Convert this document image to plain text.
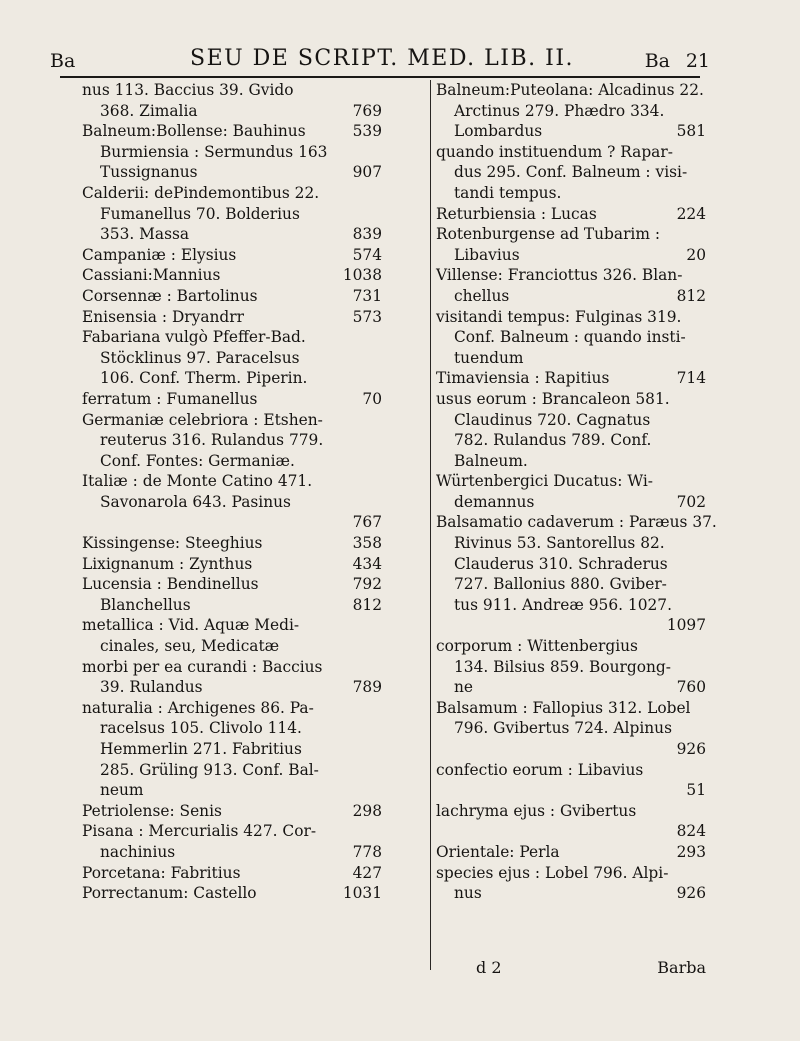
Ba	SEU DE SCRIPT. MED. LIB. II.	Ba 21
nus 113. Baccius 39. Gvido
368. Zimalia	769
Balneum:Bollense: Bauhinus	539
Burmiensia : Sermundus 163
Tussignanus	907
Calderii: dePindemontibus 22.
Fumanellus 70. Bolderius
353. Massa	839
Campaniæ : Elysius	574
Cassiani:Mannius	1038
Corsennæ : Bartolinus	731
Enisensia : Dryandrr	573
Fabariana vulgò Pfeffer-Bad.
Stöcklinus 97. Paracelsus
106. Conf. Therm. Piperin.
ferratum : Fumanellus	70
Germaniæ celebriora : Etshen-
reuterus 316. Rulandus 779.
Conf. Fontes: Germaniæ.
Italiæ : de Monte Catino 471.
Savonarola 643. Pasinus
767
Kissingense: Steeghius	358
Lixignanum : Zynthus	434
Lucensia : Bendinellus	792
Blanchellus	812
metallica : Vid. Aquæ Medi-
cinales, seu, Medicatæ
morbi per ea curandi : Baccius
39. Rulandus	789
naturalia : Archigenes 86. Pa-
racelsus 105. Clivolo 114.
Hemmerlin 271. Fabritius
285. Grüling 913. Conf. Bal-
neum
Petriolense: Senis	298
Pisana : Mercurialis 427. Cor-
nachinius	778
Porcetana: Fabritius	427
Porrectanum: Castello	1031
Balneum:Puteolana: Alcadinus 22.
Arctinus 279. Phædro 334.
Lombardus	581
quando instituendum ? Rapar-
dus 295. Conf. Balneum : visi-
tandi tempus.
Returbiensia : Lucas	224
Rotenburgense ad Tubarim :
Libavius	20
Villense: Franciottus 326. Blan-
chellus	812
visitandi tempus: Fulginas 319.
Conf. Balneum : quando insti-
tuendum
Timaviensia : Rapitius	714
usus eorum : Brancaleon 581.
Claudinus 720. Cagnatus
782. Rulandus 789. Conf.
Balneum.
Würtenbergici Ducatus: Wi-
demannus	702
Balsamatio cadaverum : Paræus 37.
Rivinus 53. Santorellus 82.
Clauderus 310. Schraderus
727. Ballonius 880. Gviber-
tus 911. Andreæ 956. 1027.
1097
corporum : Wittenbergius
134. Bilsius 859. Bourgong-
ne	760
Balsamum : Fallopius 312. Lobel
796. Gvibertus 724. Alpinus
926
confectio eorum : Libavius
51
lachryma ejus : Gvibertus
824
Orientale: Perla	293
species ejus : Lobel 796. Alpi-
nus	926
d 2	Barba
